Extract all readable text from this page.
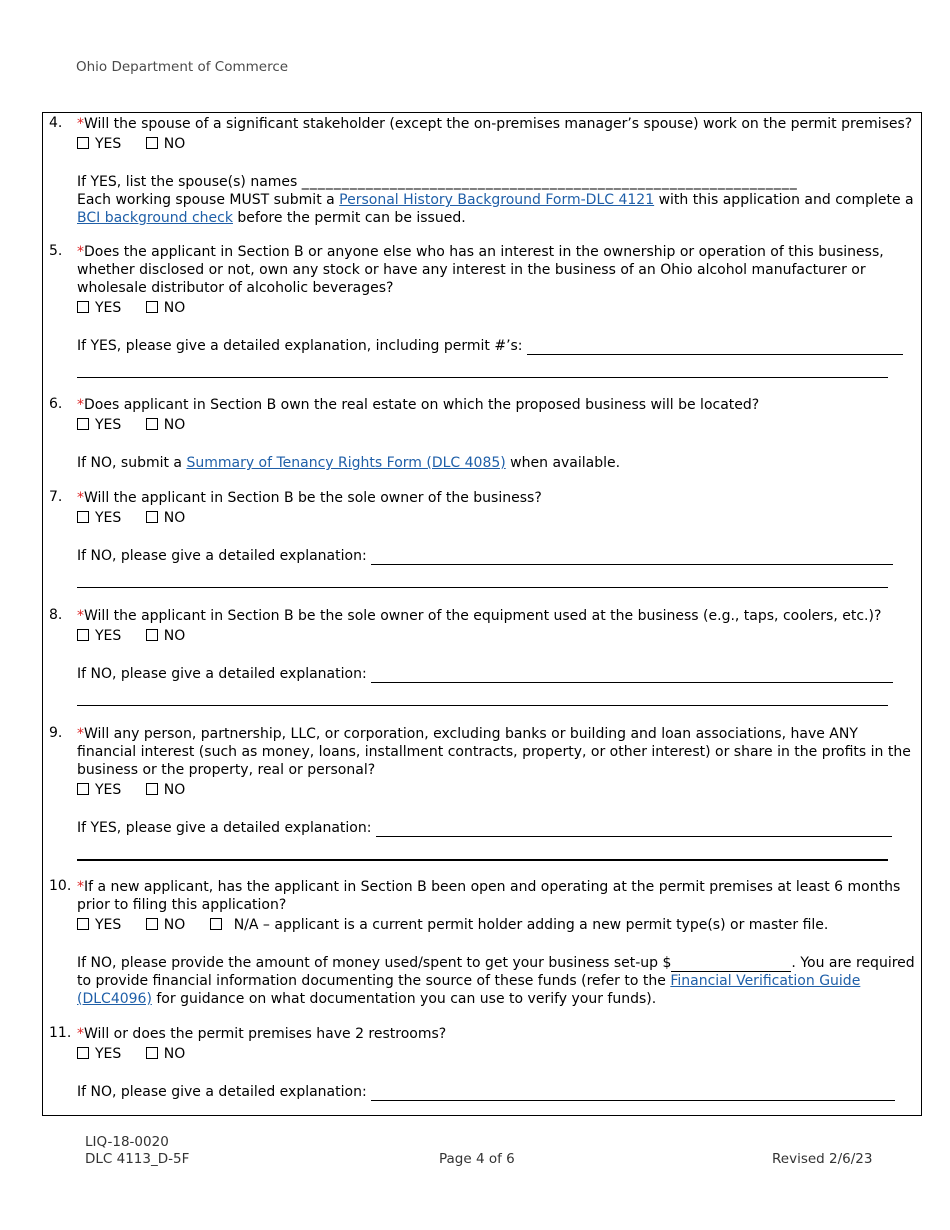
Ohio Department of Commerce
4.	*Will the spouse of a significant stakeholder (except the on-premises manager’s spouse) work on the permit premises?
YES	NO
If YES, list the spouse(s) names ______________________________________________________________
Each working spouse MUST submit a Personal History Background Form-DLC 4121 with this application and complete a BCI background check before the permit can be issued.
5.	*Does the applicant in Section B or anyone else who has an interest in the ownership or operation of this business, whether disclosed or not, own any stock or have any interest in the business of an Ohio alcohol manufacturer or wholesale distributor of alcoholic beverages?
YES	NO
If YES, please give a detailed explanation, including permit #’s:
6.	*Does applicant in Section B own the real estate on which the proposed business will be located?
YES	NO
If NO, submit a Summary of Tenancy Rights Form (DLC 4085) when available.
7.	*Will the applicant in Section B be the sole owner of the business?
YES	NO
If NO, please give a detailed explanation:
8.	*Will the applicant in Section B be the sole owner of the equipment used at the business (e.g., taps, coolers, etc.)?
YES	NO
If NO, please give a detailed explanation:
9.	*Will any person, partnership, LLC, or corporation, excluding banks or building and loan associations, have ANY financial interest (such as money, loans, installment contracts, property, or other interest) or share in the profits in the business or the property, real or personal?
YES	NO
If YES, please give a detailed explanation:
10. *If a new applicant, has the applicant in Section B been open and operating at the permit premises at least 6 months prior to filing this application?
YES	NO	N/A – applicant is a current permit holder adding a new permit type(s) or master file.
If NO, please provide the amount of money used/spent to get your business set-up $	. You are required to provide financial information documenting the source of these funds (refer to the Financial Verification Guide (DLC4096) for guidance on what documentation you can use to verify your funds).
11. *Will or does the permit premises have 2 restrooms?
YES	NO
If NO, please give a detailed explanation:
LIQ-18-0020
DLC 4113_D-5F	Page 4 of 6	Revised 2/6/23
